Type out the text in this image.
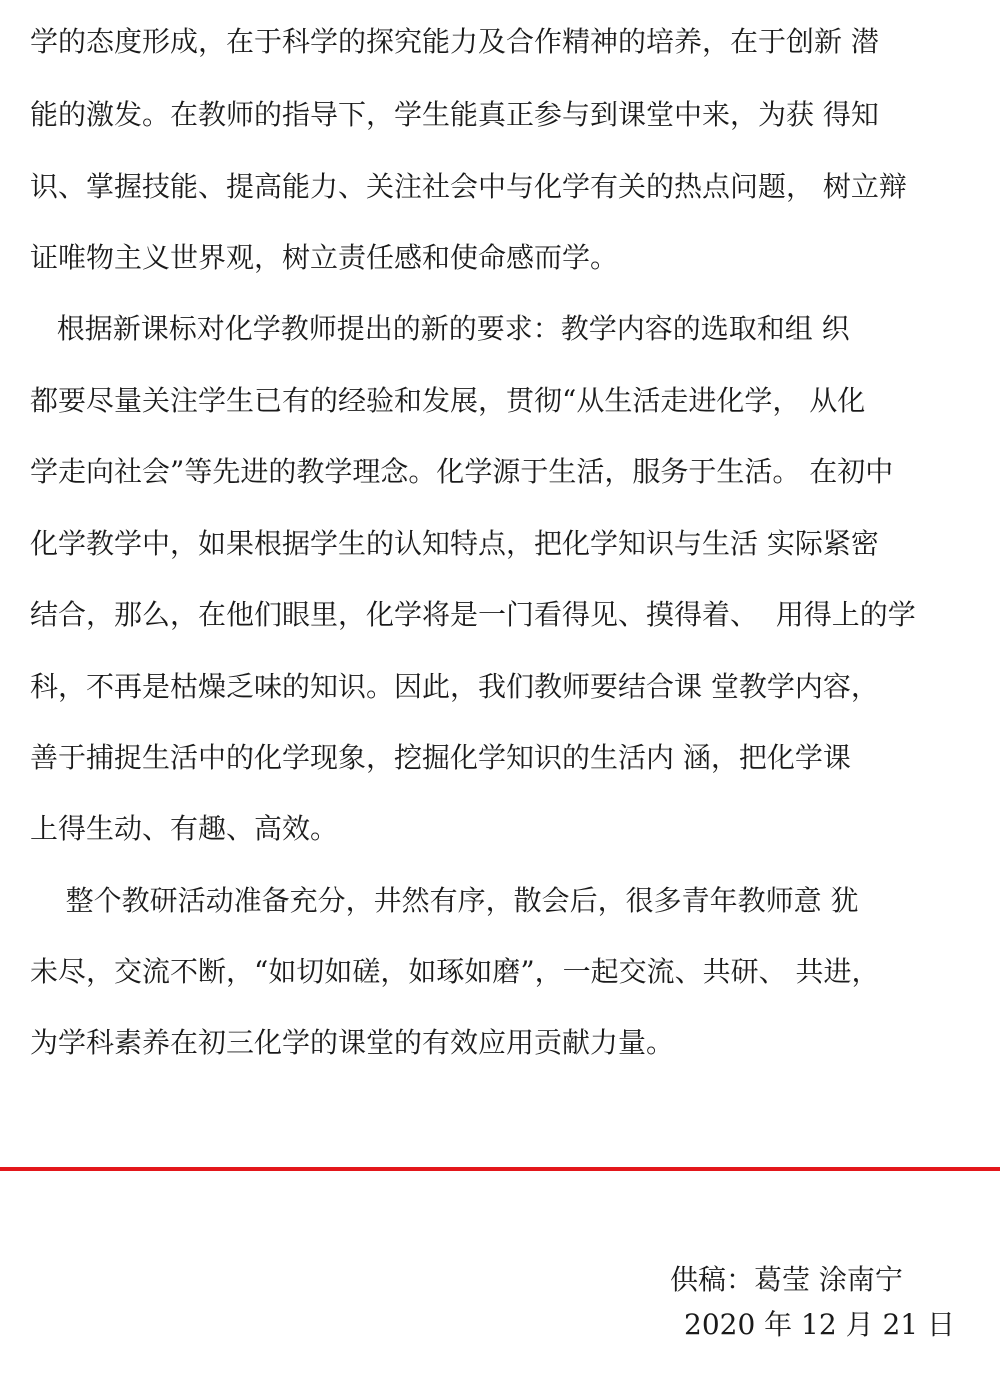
学的态度形成，在于科学的探究能力及合作精神的培养，在于创新 潜
能的激发。在教师的指导下，学生能真正参与到课堂中来，为获 得知
识、掌握技能、提高能力、关注社会中与化学有关的热点问题， 树立辩
证唯物主义世界观，树立责任感和使命感而学。
根据新课标对化学教师提出的新的要求：教学内容的选取和组 织
都要尽量关注学生已有的经验和发展，贯彻“从生活走进化学， 从化
学走向社会”等先进的教学理念。化学源于生活，服务于生活。 在初中
化学教学中，如果根据学生的认知特点，把化学知识与生活 实际紧密
结合，那么，在他们眼里，化学将是一门看得见、摸得着、  用得上的学
科，不再是枯燥乏味的知识。因此，我们教师要结合课 堂教学内容，
善于捕捉生活中的化学现象，挖掘化学知识的生活内 涵，把化学课
上得生动、有趣、高效。
整个教研活动准备充分，井然有序，散会后，很多青年教师意 犹
未尽，交流不断，“如切如磋，如琢如磨”，一起交流、共研、 共进，
为学科素养在初三化学的课堂的有效应用贡献力量。
供稿：葛莹 涂南宁
2020 年 12 月 21 日
